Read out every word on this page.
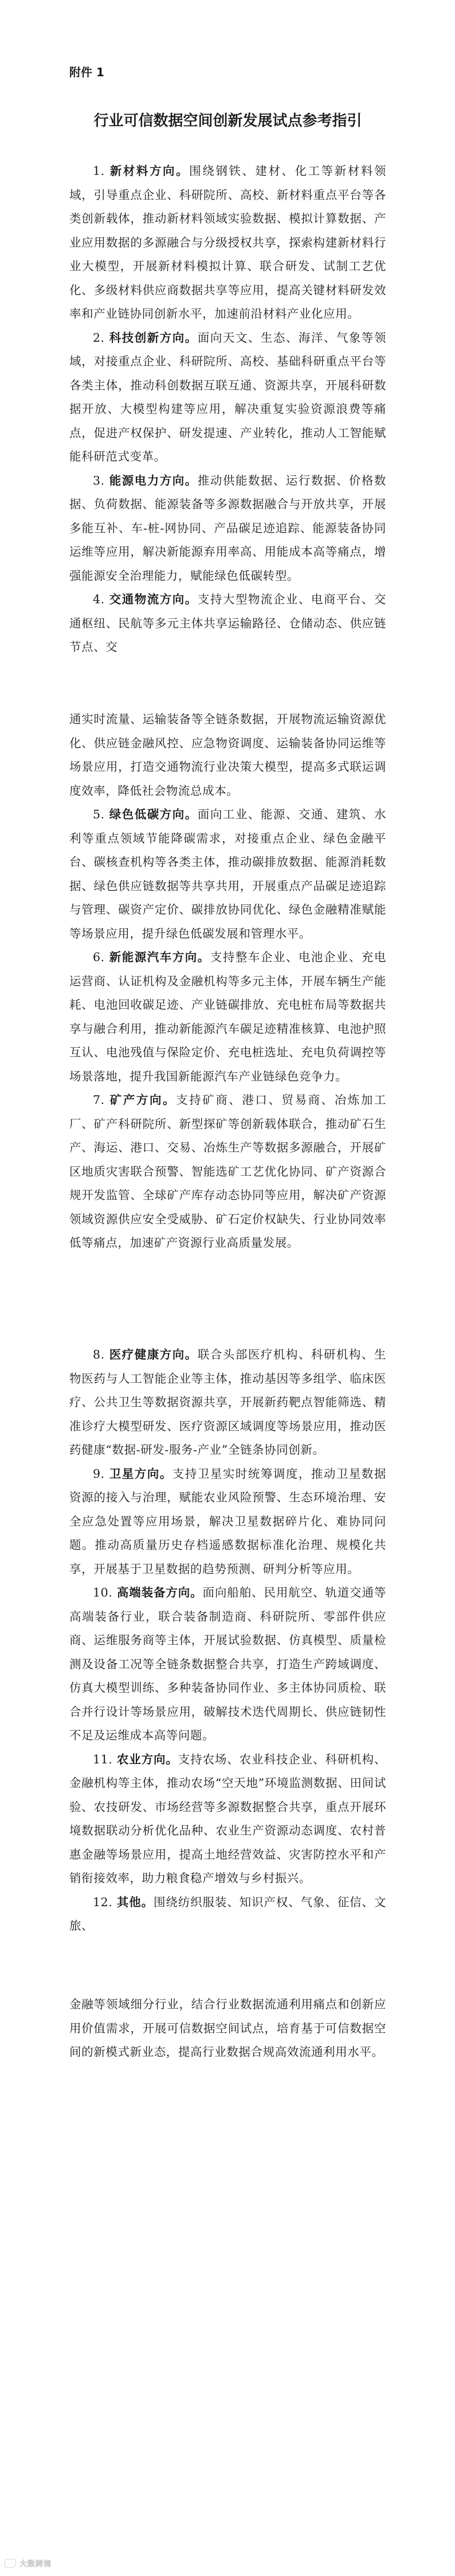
附件 1

行业可信数据空间创新发展试点参考指引

1. 新材料方向。围绕钢铁、建材、化工等新材料领域，引导重点企业、科研院所、高校、新材料重点平台等各类创新载体，推动新材料领域实验数据、模拟计算数据、产业应用数据的多源融合与分级授权共享，探索构建新材料行业大模型，开展新材料模拟计算、联合研发、试制工艺优化、多级材料供应商数据共享等应用，提高关键材料研发效率和产业链协同创新水平，加速前沿材料产业化应用。

2. 科技创新方向。面向天文、生态、海洋、气象等领域，对接重点企业、科研院所、高校、基础科研重点平台等各类主体，推动科创数据互联互通、资源共享，开展科研数据开放、大模型构建等应用，解决重复实验资源浪费等痛点，促进产权保护、研发提速、产业转化，推动人工智能赋能科研范式变革。

3. 能源电力方向。推动供能数据、运行数据、价格数据、负荷数据、能源装备等多源数据融合与开放共享，开展多能互补、车-桩-网协同、产品碳足迹追踪、能源装备协同运维等应用，解决新能源弃用率高、用能成本高等痛点，增强能源安全治理能力，赋能绿色低碳转型。

4. 交通物流方向。支持大型物流企业、电商平台、交通枢纽、民航等多元主体共享运输路径、仓储动态、供应链节点、交

通实时流量、运输装备等全链条数据，开展物流运输资源优化、供应链金融风控、应急物资调度、运输装备协同运维等场景应用，打造交通物流行业决策大模型，提高多式联运调度效率，降低社会物流总成本。

5. 绿色低碳方向。面向工业、能源、交通、建筑、水利等重点领域节能降碳需求，对接重点企业、绿色金融平台、碳核查机构等各类主体，推动碳排放数据、能源消耗数据、绿色供应链数据等共享共用，开展重点产品碳足迹追踪与管理、碳资产定价、碳排放协同优化、绿色金融精准赋能等场景应用，提升绿色低碳发展和管理水平。

6. 新能源汽车方向。支持整车企业、电池企业、充电运营商、认证机构及金融机构等多元主体，开展车辆生产能耗、电池回收碳足迹、产业链碳排放、充电桩布局等数据共享与融合利用，推动新能源汽车碳足迹精准核算、电池护照互认、电池残值与保险定价、充电桩选址、充电负荷调控等场景落地，提升我国新能源汽车产业链绿色竞争力。

7. 矿产方向。支持矿商、港口、贸易商、冶炼加工厂、矿产科研院所、新型探矿等创新载体联合，推动矿石生产、海运、港口、交易、冶炼生产等数据多源融合，开展矿区地质灾害联合预警、智能选矿工艺优化协同、矿产资源合规开发监管、全球矿产库存动态协同等应用，解决矿产资源领域资源供应安全受威胁、矿石定价权缺失、行业协同效率低等痛点，加速矿产资源行业高质量发展。

8. 医疗健康方向。联合头部医疗机构、科研机构、生物医药与人工智能企业等主体，推动基因等多组学、临床医疗、公共卫生等数据资源共享，开展新药靶点智能筛选、精准诊疗大模型研发、医疗资源区域调度等场景应用，推动医药健康“数据-研发-服务-产业”全链条协同创新。

9. 卫星方向。支持卫星实时统筹调度，推动卫星数据资源的接入与治理，赋能农业风险预警、生态环境治理、安全应急处置等应用场景，解决卫星数据碎片化、难协同问题。推动高质量历史存档遥感数据标准化治理、规模化共享，开展基于卫星数据的趋势预测、研判分析等应用。

10. 高端装备方向。面向船舶、民用航空、轨道交通等高端装备行业，联合装备制造商、科研院所、零部件供应商、运维服务商等主体，开展试验数据、仿真模型、质量检测及设备工况等全链条数据整合共享，打造生产跨域调度、仿真大模型训练、多种装备协同作业、多主体协同质检、联合并行设计等场景应用，破解技术迭代周期长、供应链韧性不足及运维成本高等问题。

11. 农业方向。支持农场、农业科技企业、科研机构、金融机构等主体，推动农场“空天地”环境监测数据、田间试验、农技研发、市场经营等多源数据整合共享，重点开展环境数据联动分析优化品种、农业生产资源动态调度、农村普惠金融等场景应用，提高土地经营效益、灾害防控水平和产销衔接效率，助力粮食稳产增效与乡村振兴。

12. 其他。围绕纺织服装、知识产权、气象、征信、文旅、

金融等领域细分行业，结合行业数据流通利用痛点和创新应用价值需求，开展可信数据空间试点，培育基于可信数据空间的新模式新业态，提高行业数据合规高效流通利用水平。

大数跨境
